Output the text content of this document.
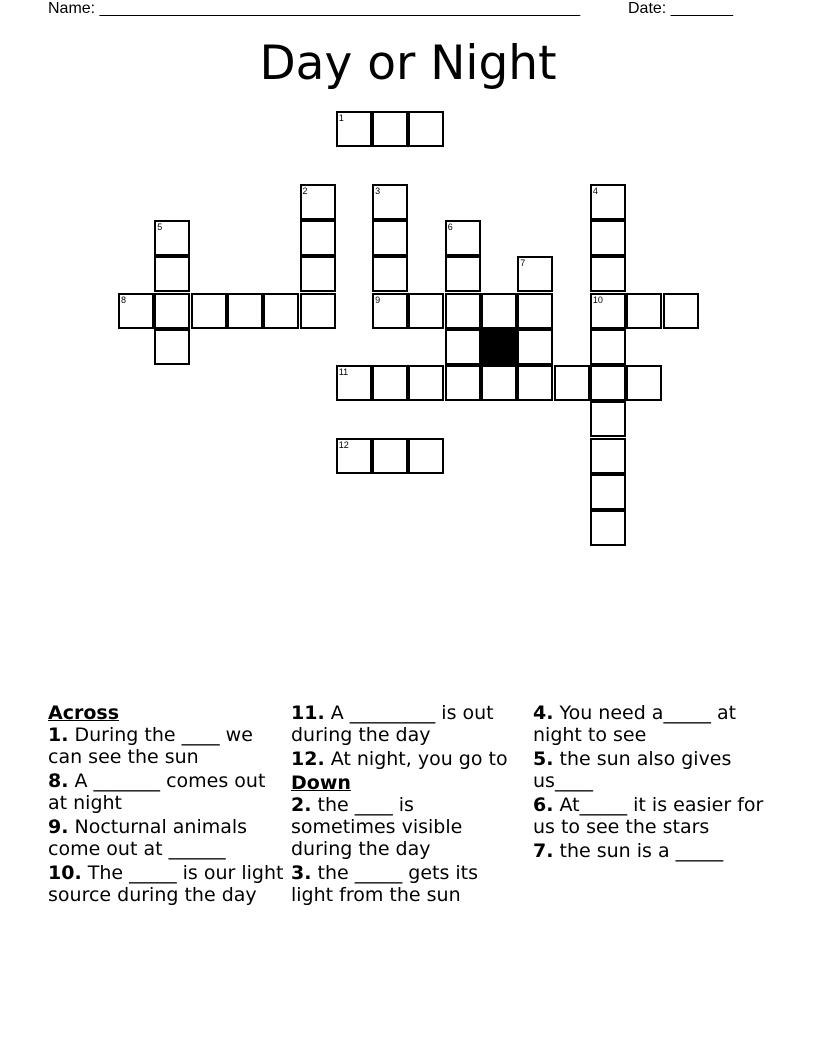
Name: ______________________________________________________	Date: _______
Day or Night
1
8	9	10
11
12
2	3	4
5	6
7
Across
1. During the ____ we can see the sun
8. A _______ comes out at night
9. Nocturnal animals come out at ______
10. The _____ is our light source during the day
11. A _________ is out during the day
12. At night, you go to
Down
2. the ____ is sometimes visible during the day
3. the _____ gets its light from the sun
4. You need a_____ at night to see
5. the sun also gives us____
6. At_____ it is easier for us to see the stars
7. the sun is a _____
